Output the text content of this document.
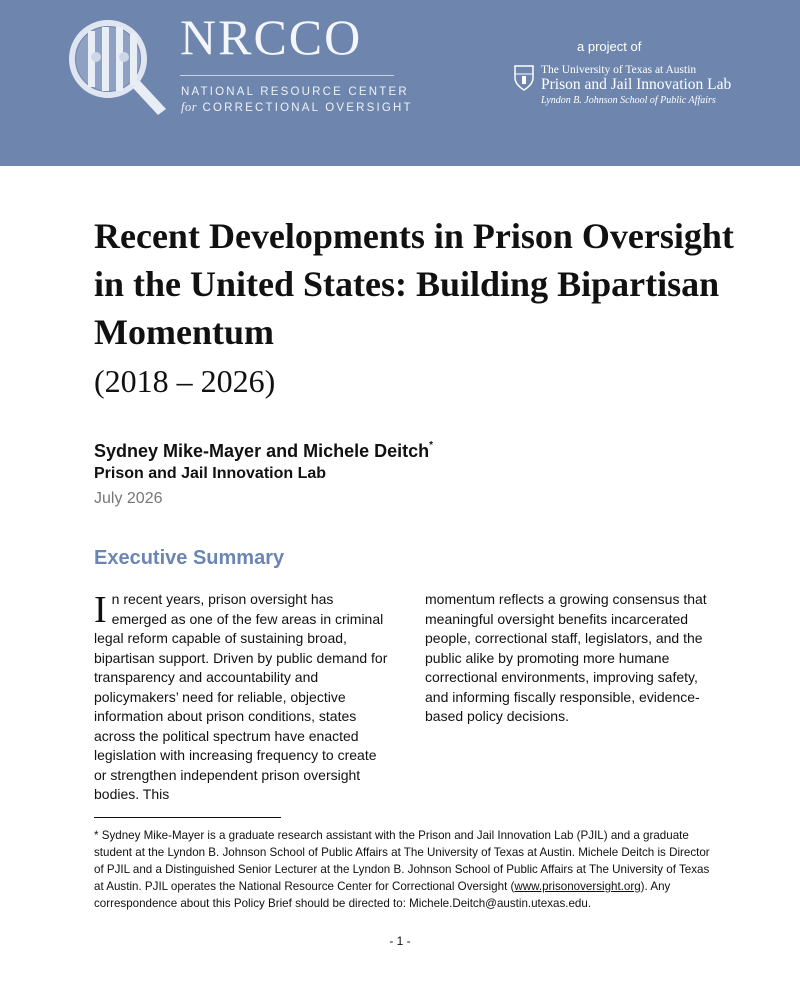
NRCCO
NATIONAL RESOURCE CENTER
for CORRECTIONAL OVERSIGHT
a project of
The University of Texas at Austin
Prison and Jail Innovation Lab
Lyndon B. Johnson School of Public Affairs
Recent Developments in Prison Oversight in the United States: Building Bipartisan Momentum
(2018 – 2026)
Sydney Mike-Mayer and Michele Deitch*
Prison and Jail Innovation Lab
July 2026
Executive Summary
In recent years, prison oversight has emerged as one of the few areas in criminal legal reform capable of sustaining broad, bipartisan support. Driven by public demand for transparency and accountability and policymakers’ need for reliable, objective information about prison conditions, states across the political spectrum have enacted legislation with increasing frequency to create or strengthen independent prison oversight bodies. This
momentum reflects a growing consensus that meaningful oversight benefits incarcerated people, correctional staff, legislators, and the public alike by promoting more humane correctional environments, improving safety, and informing fiscally responsible, evidence-based policy decisions.
* Sydney Mike-Mayer is a graduate research assistant with the Prison and Jail Innovation Lab (PJIL) and a graduate student at the Lyndon B. Johnson School of Public Affairs at The University of Texas at Austin. Michele Deitch is Director of PJIL and a Distinguished Senior Lecturer at the Lyndon B. Johnson School of Public Affairs at The University of Texas at Austin. PJIL operates the National Resource Center for Correctional Oversight (www.prisonoversight.org). Any correspondence about this Policy Brief should be directed to: Michele.Deitch@austin.utexas.edu.
- 1 -
